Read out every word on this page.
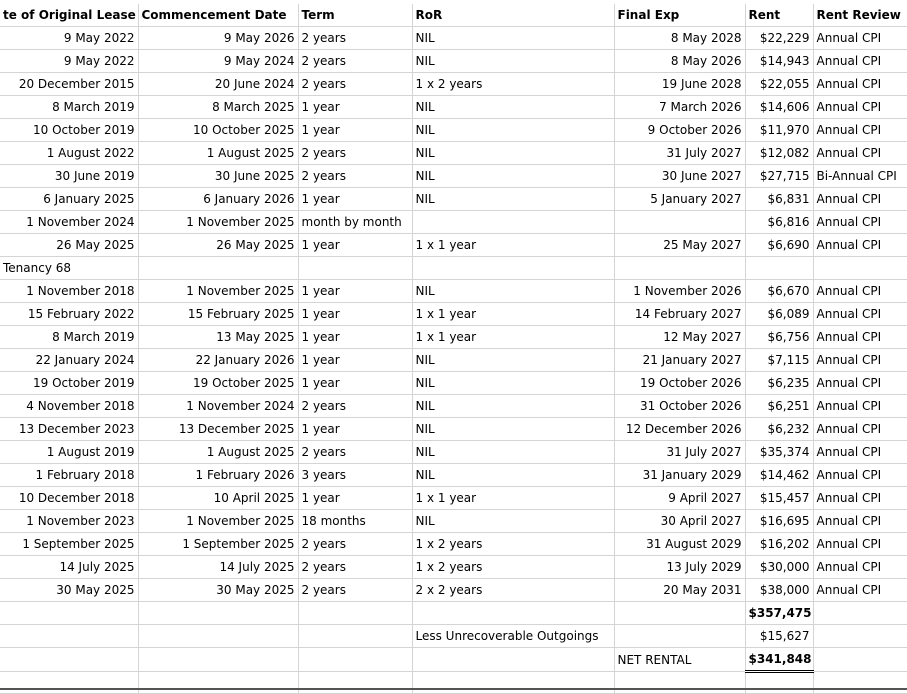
te of Original Lease	Commencement Date	Term	RoR	Final Exp	Rent	Rent Review
9 May 2022	9 May 2026	2 years	NIL	8 May 2028	$22,229	Annual CPI
9 May 2022	9 May 2024	2 years	NIL	8 May 2026	$14,943	Annual CPI
20 December 2015	20 June 2024	2 years	1 x 2 years	19 June 2028	$22,055	Annual CPI
8 March 2019	8 March 2025	1 year	NIL	7 March 2026	$14,606	Annual CPI
10 October 2019	10 October 2025	1 year	NIL	9 October 2026	$11,970	Annual CPI
1 August 2022	1 August 2025	2 years	NIL	31 July 2027	$12,082	Annual CPI
30 June 2019	30 June 2025	2 years	NIL	30 June 2027	$27,715	Bi-Annual CPI
6 January 2025	6 January 2026	1 year	NIL	5 January 2027	$6,831	Annual CPI
1 November 2024	1 November 2025	month by month			$6,816	Annual CPI
26 May 2025	26 May 2025	1 year	1 x 1 year	25 May 2027	$6,690	Annual CPI
Tenancy 68						
1 November 2018	1 November 2025	1 year	NIL	1 November 2026	$6,670	Annual CPI
15 February 2022	15 February 2025	1 year	1 x 1 year	14 February 2027	$6,089	Annual CPI
8 March 2019	13 May 2025	1 year	1 x 1 year	12 May 2027	$6,756	Annual CPI
22 January 2024	22 January 2026	1 year	NIL	21 January 2027	$7,115	Annual CPI
19 October 2019	19 October 2025	1 year	NIL	19 October 2026	$6,235	Annual CPI
4 November 2018	1 November 2024	2 years	NIL	31 October 2026	$6,251	Annual CPI
13 December 2023	13 December 2025	1 year	NIL	12 December 2026	$6,232	Annual CPI
1 August 2019	1 August 2025	2 years	NIL	31 July 2027	$35,374	Annual CPI
1 February 2018	1 February 2026	3 years	NIL	31 January 2029	$14,462	Annual CPI
10 December 2018	10 April 2025	1 year	1 x 1 year	9 April 2027	$15,457	Annual CPI
1 November 2023	1 November 2025	18 months	NIL	30 April 2027	$16,695	Annual CPI
1 September 2025	1 September 2025	2 years	1 x 2 years	31 August 2029	$16,202	Annual CPI
14 July 2025	14 July 2025	2 years	1 x 2 years	13 July 2029	$30,000	Annual CPI
30 May 2025	30 May 2025	2 years	2 x 2 years	20 May 2031	$38,000	Annual CPI
					$357,475	
			Less Unrecoverable Outgoings		$15,627	
				NET RENTAL	$341,848	
